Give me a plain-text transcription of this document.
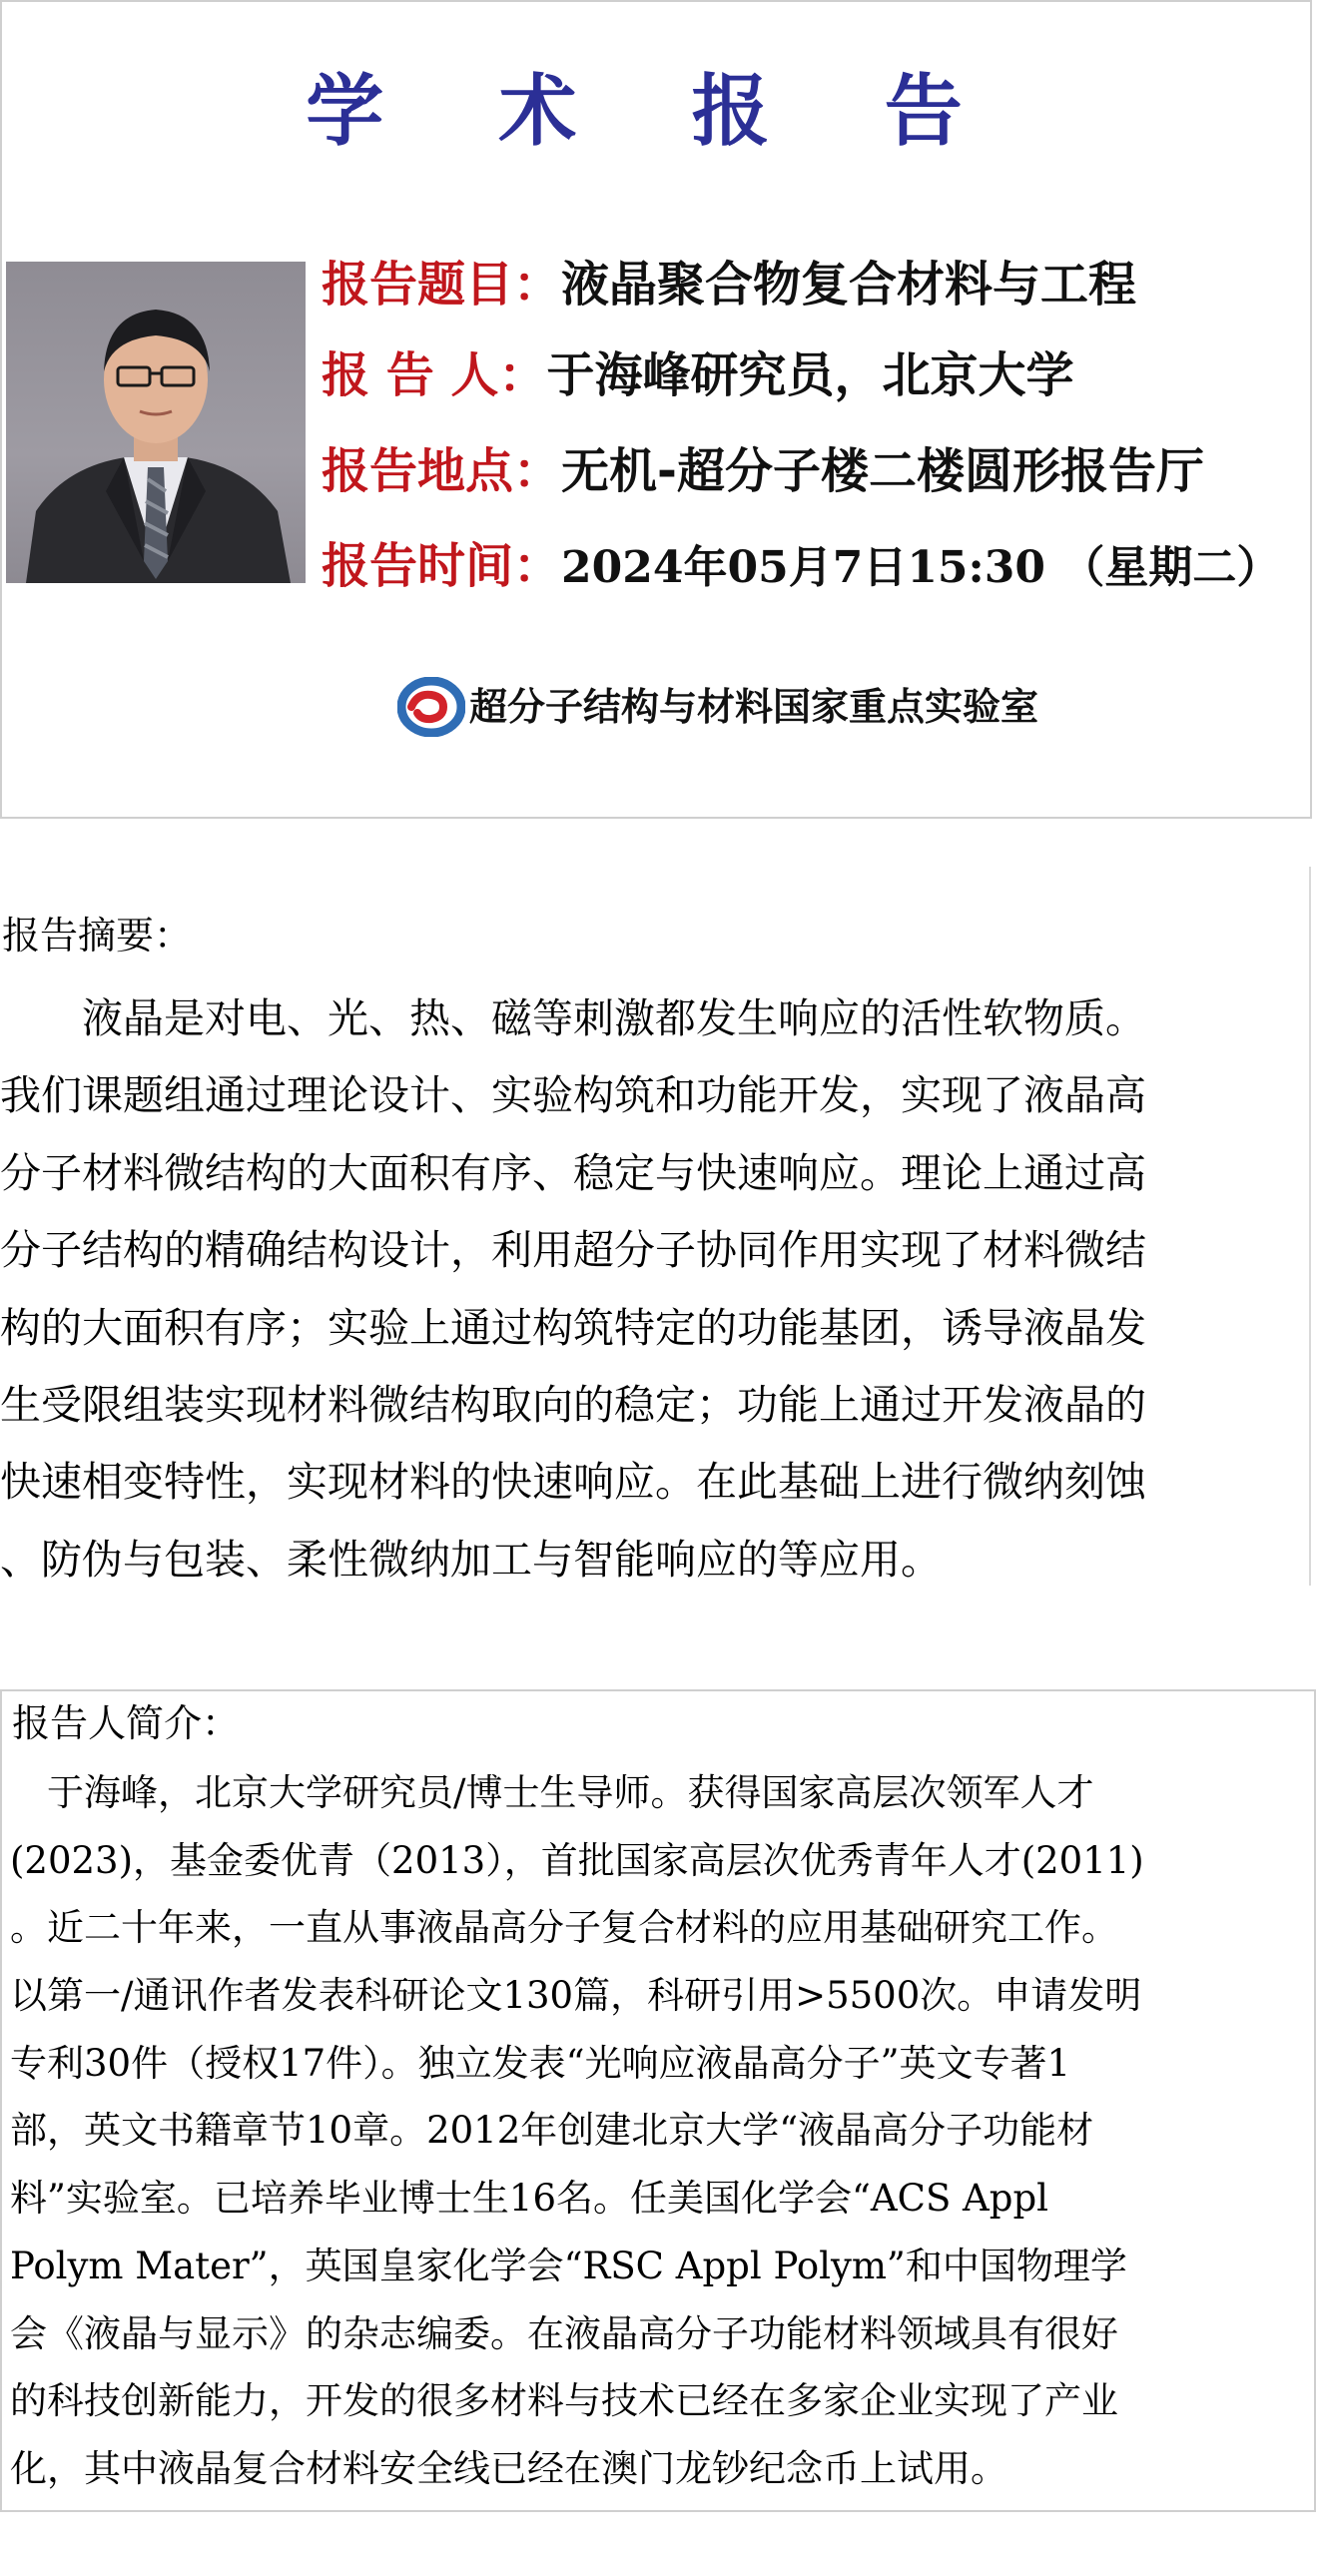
学 术 报 告
报告题目：液晶聚合物复合材料与工程
报 告 人：于海峰研究员，北京大学
报告地点：无机-超分子楼二楼圆形报告厅
报告时间：2024年05月7日15:30 （星期二）
超分子结构与材料国家重点实验室
报告摘要：
　　液晶是对电、光、热、磁等刺激都发生响应的活性软物质。
我们课题组通过理论设计、实验构筑和功能开发，实现了液晶高
分子材料微结构的大面积有序、稳定与快速响应。理论上通过高
分子结构的精确结构设计，利用超分子协同作用实现了材料微结
构的大面积有序；实验上通过构筑特定的功能基团，诱导液晶发
生受限组装实现材料微结构取向的稳定；功能上通过开发液晶的
快速相变特性，实现材料的快速响应。在此基础上进行微纳刻蚀
、防伪与包装、柔性微纳加工与智能响应的等应用。
报告人简介：
　于海峰，北京大学研究员/博士生导师。获得国家高层次领军人才
(2023)，基金委优青（2013），首批国家高层次优秀青年人才(2011)
。近二十年来，一直从事液晶高分子复合材料的应用基础研究工作。
以第一/通讯作者发表科研论文130篇，科研引用>5500次。申请发明
专利30件（授权17件）。独立发表“光响应液晶高分子”英文专著1
部，英文书籍章节10章。2012年创建北京大学“液晶高分子功能材
料”实验室。已培养毕业博士生16名。任美国化学会“ACS Appl
Polym Mater”，英国皇家化学会“RSC Appl Polym”和中国物理学
会《液晶与显示》的杂志编委。在液晶高分子功能材料领域具有很好
的科技创新能力，开发的很多材料与技术已经在多家企业实现了产业
化，其中液晶复合材料安全线已经在澳门龙钞纪念币上试用。
